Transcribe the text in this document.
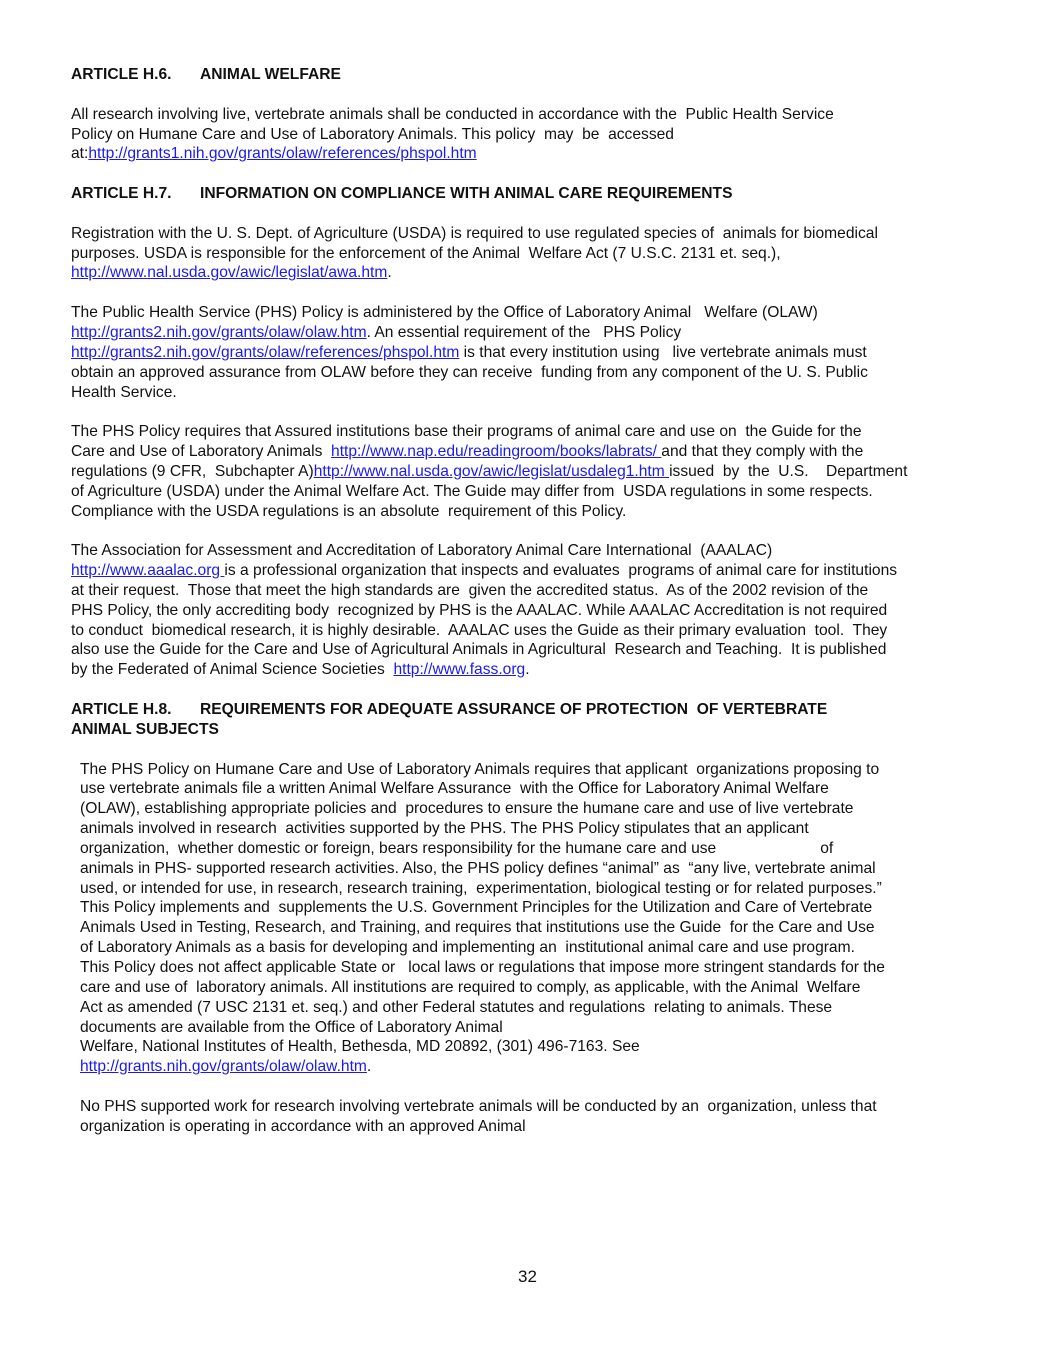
ARTICLE H.6. ANIMAL WELFARE
All research involving live, vertebrate animals shall be conducted in accordance with the  Public Health Service
Policy on Humane Care and Use of Laboratory Animals. This policy  may  be  accessed
at:http://grants1.nih.gov/grants/olaw/references/phspol.htm
ARTICLE H.7. INFORMATION ON COMPLIANCE WITH ANIMAL CARE REQUIREMENTS
Registration with the U. S. Dept. of Agriculture (USDA) is required to use regulated species of  animals for biomedical
purposes. USDA is responsible for the enforcement of the Animal  Welfare Act (7 U.S.C. 2131 et. seq.),
http://www.nal.usda.gov/awic/legislat/awa.htm.
The Public Health Service (PHS) Policy is administered by the Office of Laboratory Animal   Welfare (OLAW)
http://grants2.nih.gov/grants/olaw/olaw.htm. An essential requirement of the   PHS Policy
http://grants2.nih.gov/grants/olaw/references/phspol.htm is that every institution using   live vertebrate animals must
obtain an approved assurance from OLAW before they can receive  funding from any component of the U. S. Public
Health Service.
The PHS Policy requires that Assured institutions base their programs of animal care and use on  the Guide for the
Care and Use of Laboratory Animals  http://www.nap.edu/readingroom/books/labrats/ and that they comply with the
regulations (9 CFR,  Subchapter A)http://www.nal.usda.gov/awic/legislat/usdaleg1.htm issued  by  the  U.S.    Department
of Agriculture (USDA) under the Animal Welfare Act. The Guide may differ from  USDA regulations in some respects.
Compliance with the USDA regulations is an absolute  requirement of this Policy.
The Association for Assessment and Accreditation of Laboratory Animal Care International  (AAALAC)
http://www.aaalac.org is a professional organization that inspects and evaluates  programs of animal care for institutions
at their request.  Those that meet the high standards are  given the accredited status.  As of the 2002 revision of the
PHS Policy, the only accrediting body  recognized by PHS is the AAALAC. While AAALAC Accreditation is not required
to conduct  biomedical research, it is highly desirable.  AAALAC uses the Guide as their primary evaluation  tool.  They
also use the Guide for the Care and Use of Agricultural Animals in Agricultural  Research and Teaching.  It is published
by the Federated of Animal Science Societies  http://www.fass.org.
ARTICLE H.8. REQUIREMENTS FOR ADEQUATE ASSURANCE OF PROTECTION  OF VERTEBRATE
ANIMAL SUBJECTS
The PHS Policy on Humane Care and Use of Laboratory Animals requires that applicant  organizations proposing to
use vertebrate animals file a written Animal Welfare Assurance  with the Office for Laboratory Animal Welfare
(OLAW), establishing appropriate policies and  procedures to ensure the humane care and use of live vertebrate
animals involved in research  activities supported by the PHS. The PHS Policy stipulates that an applicant
organization,  whether domestic or foreign, bears responsibility for the humane care and use                        of
animals in PHS- supported research activities. Also, the PHS policy defines “animal” as  “any live, vertebrate animal
used, or intended for use, in research, research training,  experimentation, biological testing or for related purposes.”
This Policy implements and  supplements the U.S. Government Principles for the Utilization and Care of Vertebrate
Animals Used in Testing, Research, and Training, and requires that institutions use the Guide  for the Care and Use
of Laboratory Animals as a basis for developing and implementing an  institutional animal care and use program.
This Policy does not affect applicable State or   local laws or regulations that impose more stringent standards for the
care and use of  laboratory animals. All institutions are required to comply, as applicable, with the Animal  Welfare
Act as amended (7 USC 2131 et. seq.) and other Federal statutes and regulations  relating to animals. These
documents are available from the Office of Laboratory Animal
Welfare, National Institutes of Health, Bethesda, MD 20892, (301) 496-7163. See
http://grants.nih.gov/grants/olaw/olaw.htm.
No PHS supported work for research involving vertebrate animals will be conducted by an  organization, unless that
organization is operating in accordance with an approved Animal
32
